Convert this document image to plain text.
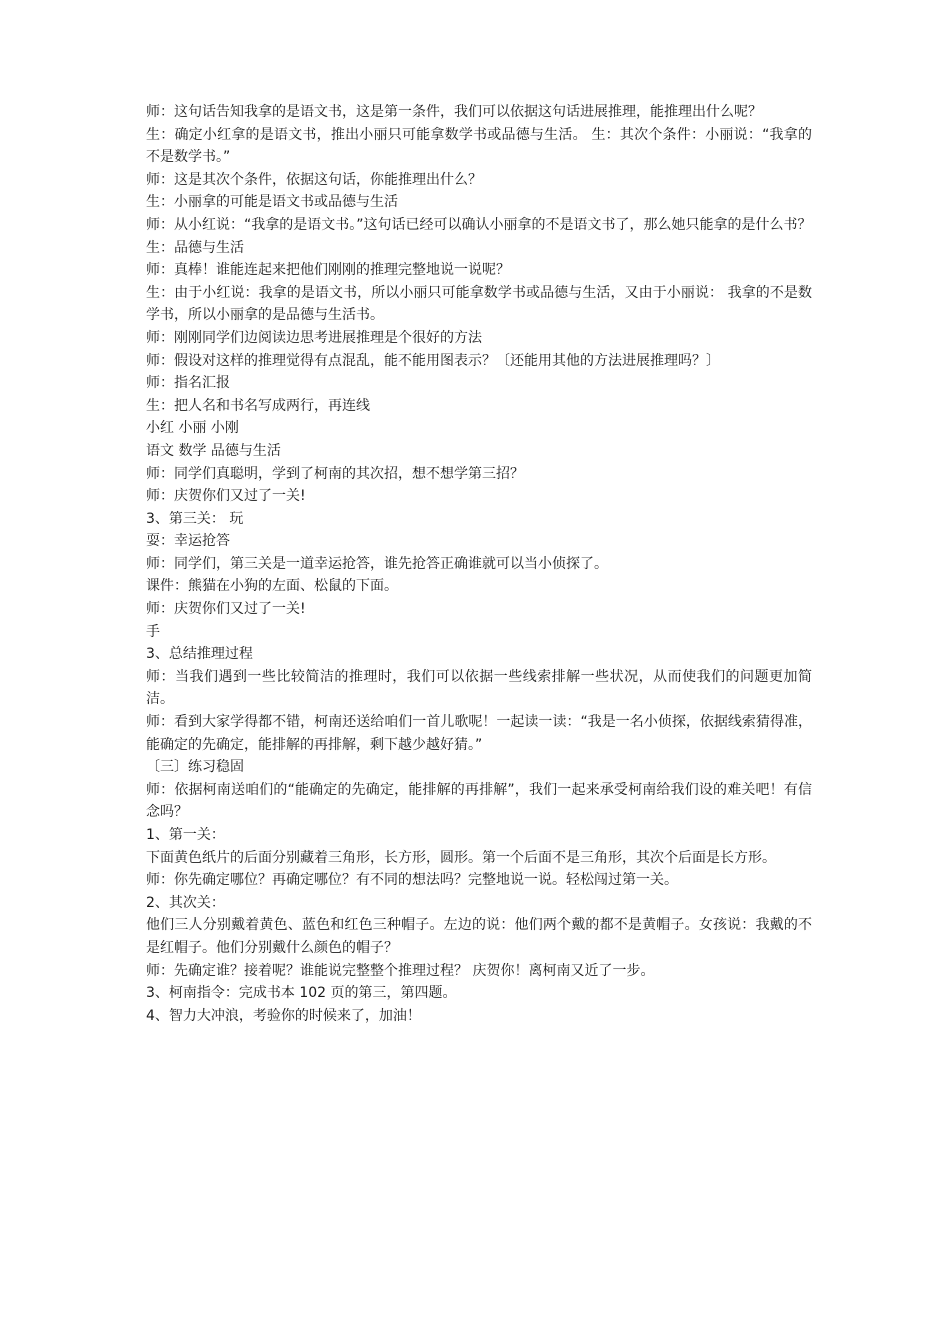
师：这句话告知我拿的是语文书，这是第一条件，我们可以依据这句话进展推理，能推理出什么呢？

生：确定小红拿的是语文书，推出小丽只可能拿数学书或品德与生活。 生：其次个条件：小丽说：“我拿的不是数学书。”

师：这是其次个条件，依据这句话，你能推理出什么？

生：小丽拿的可能是语文书或品德与生活

师：从小红说：“我拿的是语文书。”这句话已经可以确认小丽拿的不是语文书了，那么她只能拿的是什么书？

生：品德与生活

师：真棒！谁能连起来把他们刚刚的推理完整地说一说呢？

生：由于小红说：我拿的是语文书，所以小丽只可能拿数学书或品德与生活，又由于小丽说： 我拿的不是数学书，所以小丽拿的是品德与生活书。

师：刚刚同学们边阅读边思考进展推理是个很好的方法

师：假设对这样的推理觉得有点混乱，能不能用图表示？〔还能用其他的方法进展推理吗？〕

师：指名汇报

生：把人名和书名写成两行，再连线

小红 小丽 小刚

语文 数学 品德与生活

师：同学们真聪明，学到了柯南的其次招，想不想学第三招？

师：庆贺你们又过了一关!

3、第三关： 玩

耍：幸运抢答

师：同学们，第三关是一道幸运抢答，谁先抢答正确谁就可以当小侦探了。

课件：熊猫在小狗的左面、松鼠的下面。

师：庆贺你们又过了一关!

手

3、总结推理过程

师：当我们遇到一些比较简洁的推理时，我们可以依据一些线索排解一些状况，从而使我们的问题更加简洁。

师：看到大家学得都不错，柯南还送给咱们一首儿歌呢！一起读一读：“我是一名小侦探，依据线索猜得准，能确定的先确定，能排解的再排解，剩下越少越好猜。”

〔三〕练习稳固

师：依据柯南送咱们的“能确定的先确定，能排解的再排解”，我们一起来承受柯南给我们设的难关吧！有信念吗？

1、第一关：

下面黄色纸片的后面分别藏着三角形，长方形，圆形。第一个后面不是三角形，其次个后面是长方形。

师：你先确定哪位？再确定哪位？有不同的想法吗？完整地说一说。轻松闯过第一关。

2、其次关：

他们三人分别戴着黄色、蓝色和红色三种帽子。左边的说：他们两个戴的都不是黄帽子。女孩说：我戴的不是红帽子。他们分别戴什么颜色的帽子？

师：先确定谁？接着呢？谁能说完整整个推理过程？ 庆贺你！离柯南又近了一步。

3、柯南指令：完成书本 102 页的第三，第四题。

4、智力大冲浪，考验你的时候来了，加油！
